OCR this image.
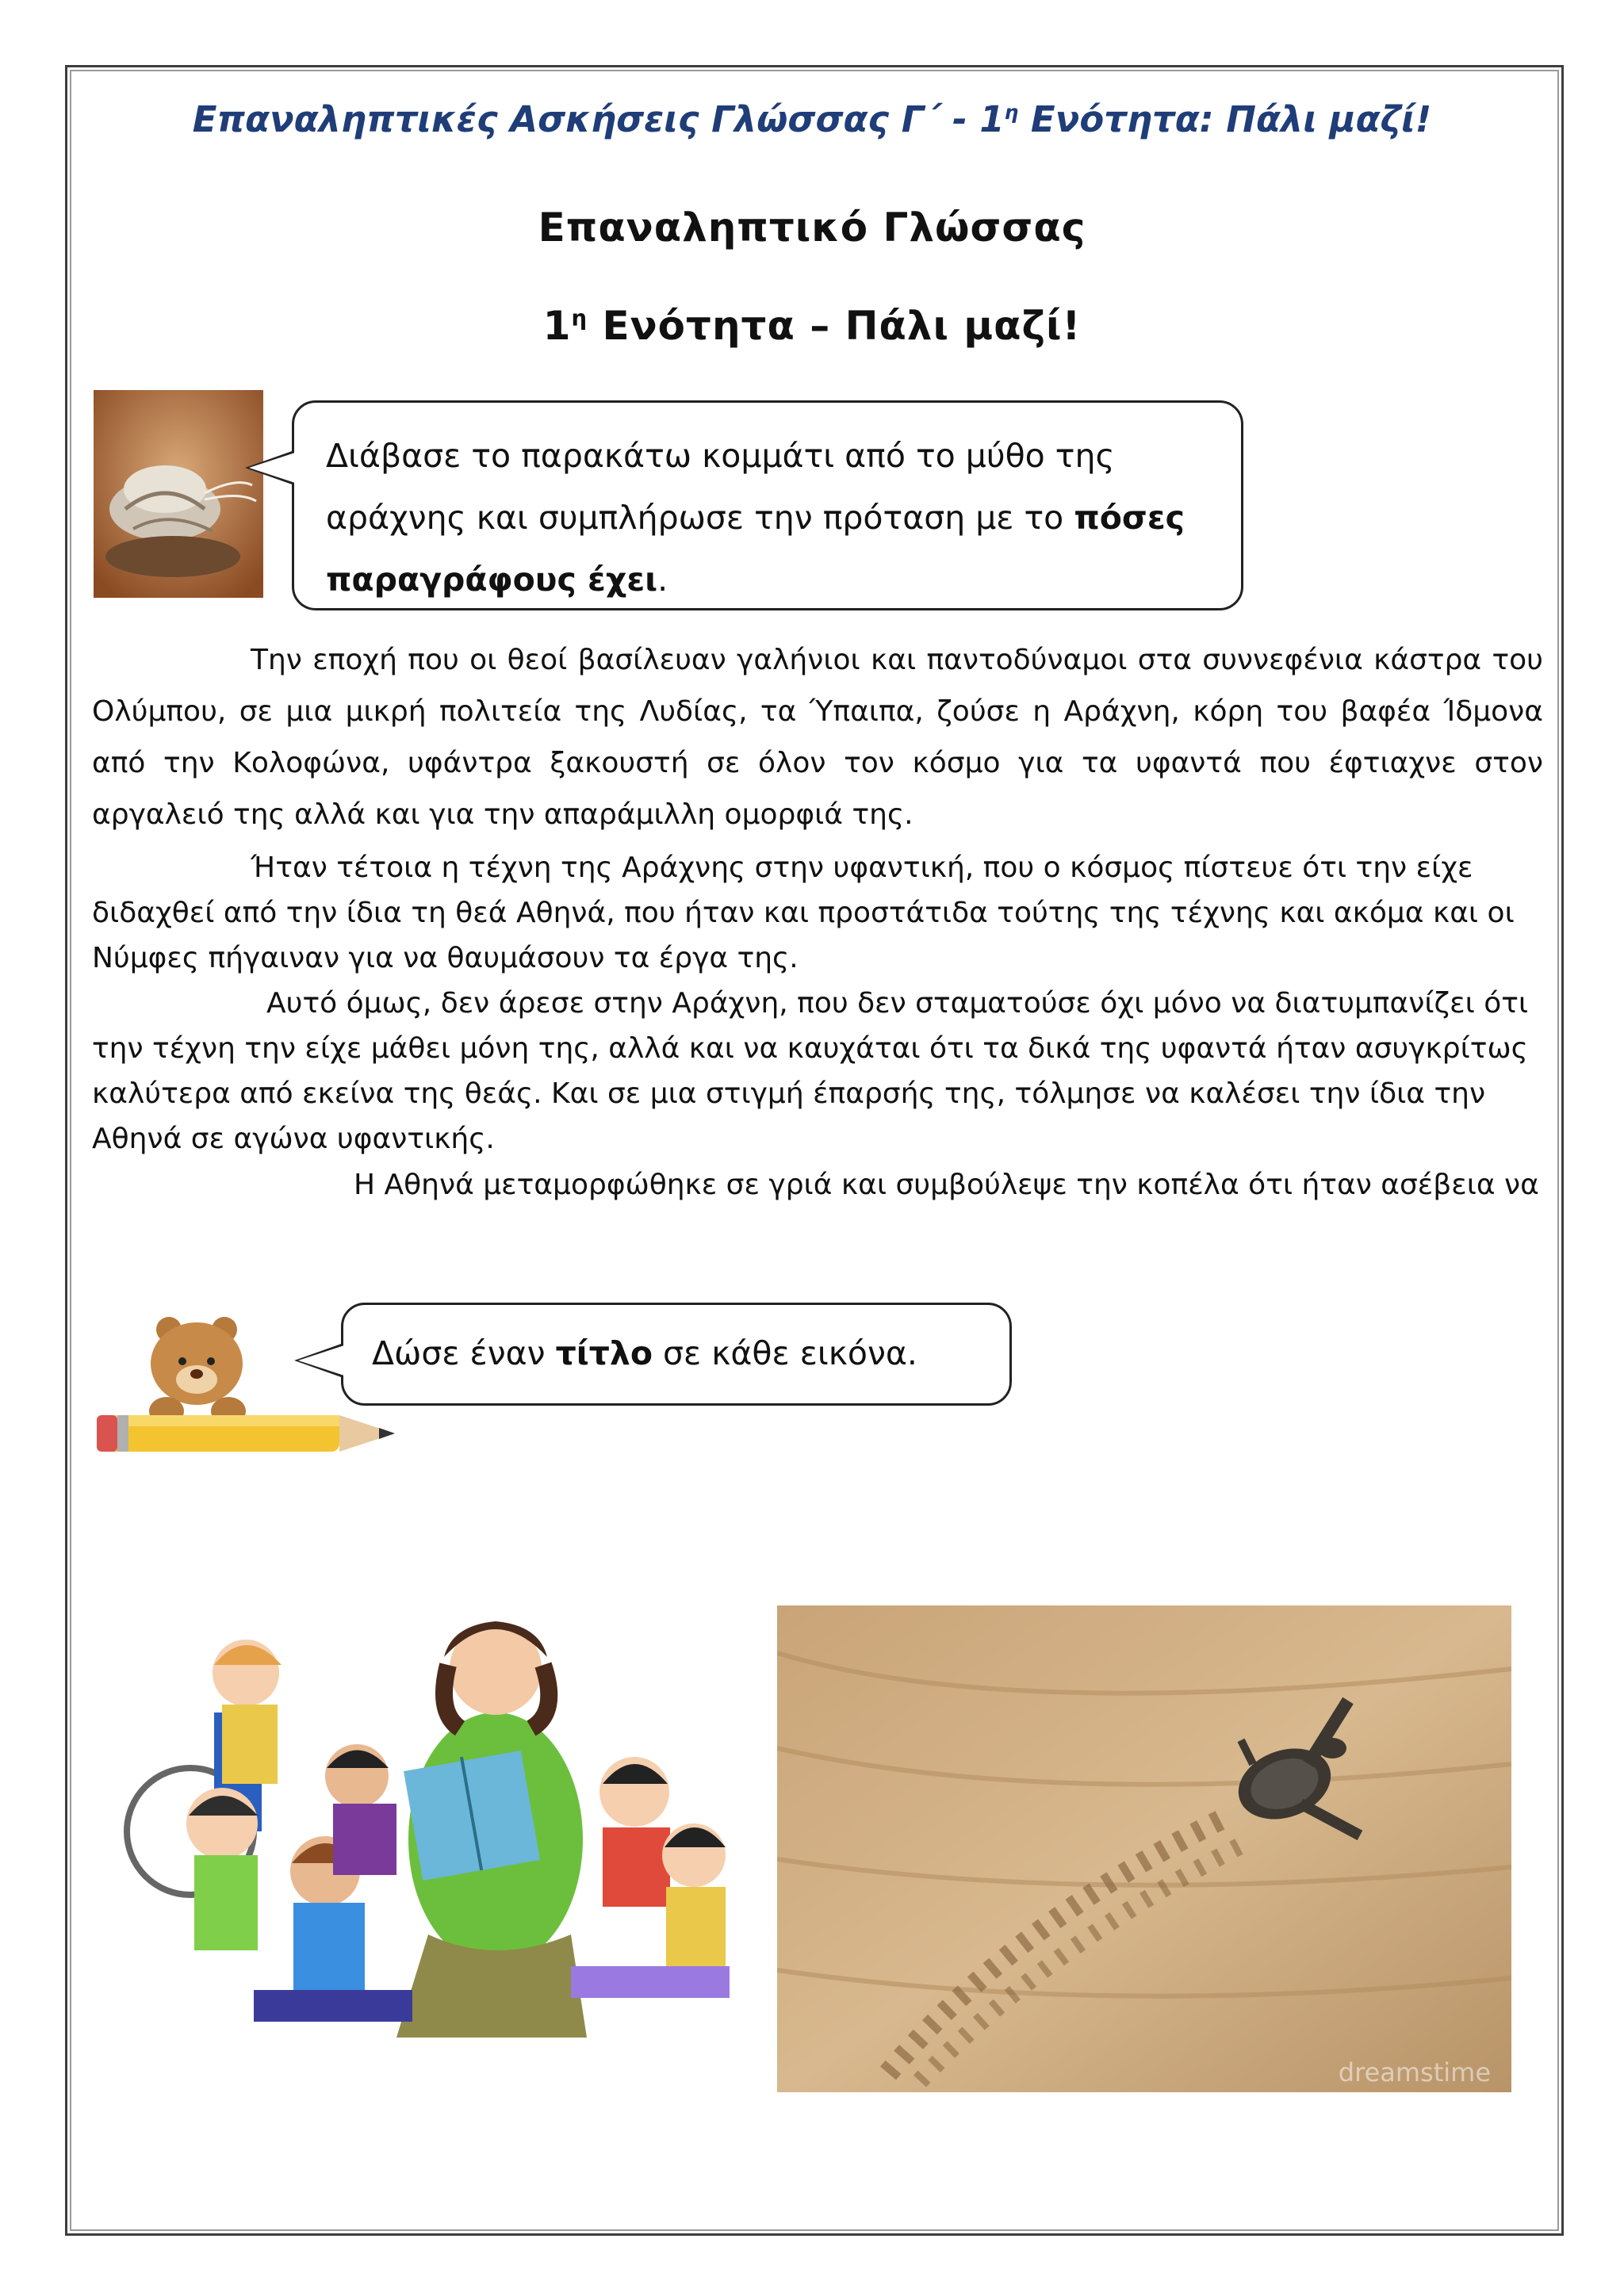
Επαναληπτικές Ασκήσεις Γλώσσας $\Gamma΄ - 1^\eta$ Ενότητα: Πάλι μαζί!
Επαναληπτικό Γλώσσας
$1^\eta$ Ενότητα – Πάλι μαζί!
Διάβασε το παρακάτω κομμάτι από το μύθο της αράχνης και συμπλήρωσε την πρόταση με το πόσες παραγράφους έχει.
Την εποχή που οι θεοί βασίλευαν γαλήνιοι και παντοδύναμοι στα συννεφένια κάστρα του Ολύμπου, σε μια μικρή πολιτεία της Λυδίας, τα Ύπαιπα, ζούσε η Αράχνη, κόρη του βαφέα Ίδμονα από την Κολοφώνα, υφάντρα ξακουστή σε όλον τον κόσμο για τα υφαντά που έφτιαχνε στον αργαλειό της αλλά και για την απαράμιλλη ομορφιά της.
Ήταν τέτοια η τέχνη της Αράχνης στην υφαντική, που ο κόσμος πίστευε ότι την είχε διδαχθεί από την ίδια τη θεά Αθηνά, που ήταν και προστάτιδα τούτης της τέχνης και ακόμα και οι Νύμφες πήγαιναν για να θαυμάσουν τα έργα της.
Αυτό όμως, δεν άρεσε στην Αράχνη, που δεν σταματούσε όχι μόνο να διατυμπανίζει ότι την τέχνη την είχε μάθει μόνη της, αλλά και να καυχάται ότι τα δικά της υφαντά ήταν ασυγκρίτως καλύτερα από εκείνα της θεάς. Και σε μια στιγμή έπαρσής της, τόλμησε να καλέσει την ίδια την Αθηνά σε αγώνα υφαντικής.
Η Αθηνά μεταμορφώθηκε σε γριά και συμβούλεψε την κοπέλα ότι ήταν ασέβεια να
Δώσε έναν τίτλο σε κάθε εικόνα.
dreamstime
